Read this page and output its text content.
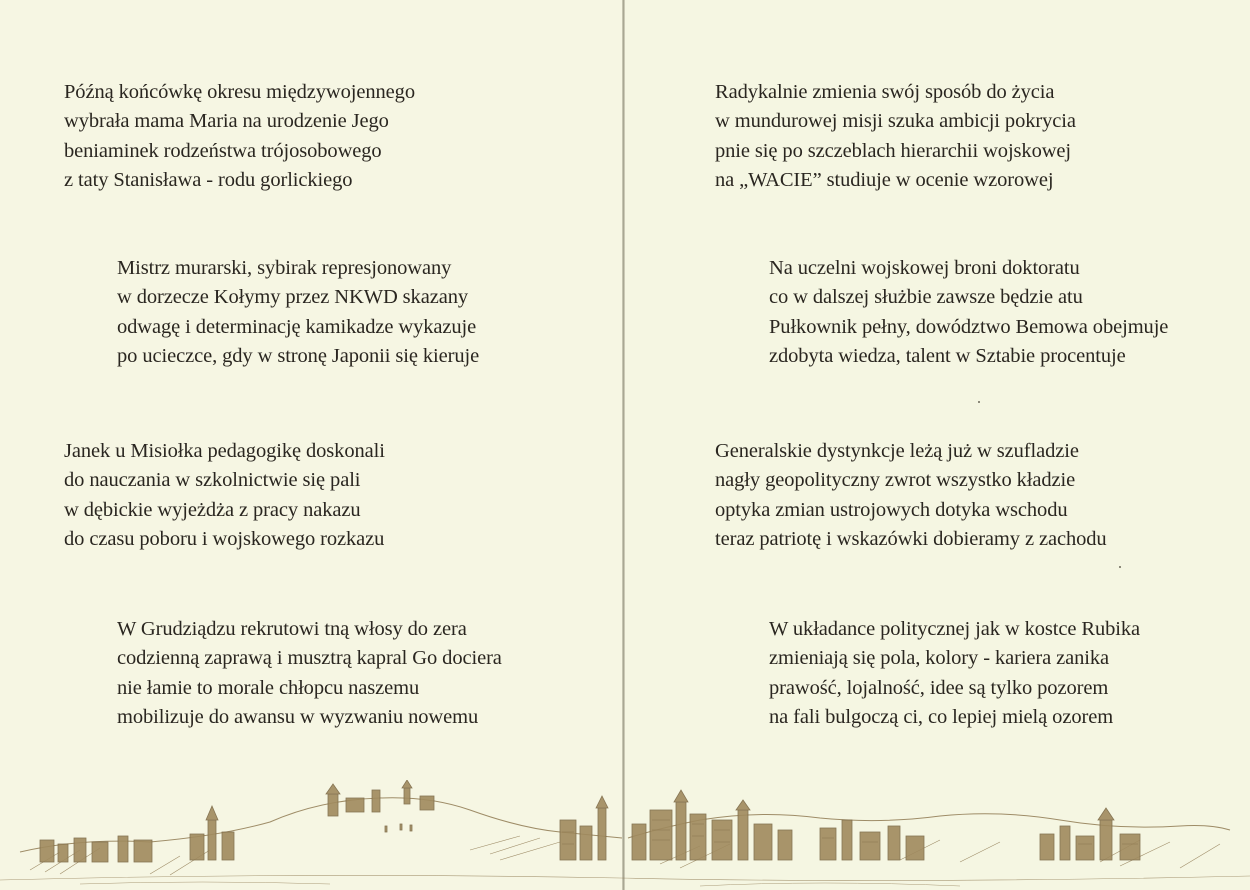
Późną końcówkę okresu międzywojennego
wybrała mama Maria na urodzenie Jego
beniaminek rodzeństwa trójosobowego
z taty Stanisława - rodu gorlickiego

Mistrz murarski, sybirak represjonowany
w dorzecze Kołymy przez NKWD skazany
odwagę i determinację kamikadze wykazuje
po ucieczce, gdy w stronę Japonii się kieruje

Janek u Misiołka pedagogikę doskonali
do nauczania w szkolnictwie się pali
w dębickie wyjeżdża z pracy nakazu
do czasu poboru i wojskowego rozkazu

W Grudziądzu rekrutowi tną włosy do zera
codzienną zaprawą i musztrą kapral Go dociera
nie łamie to morale chłopcu naszemu
mobilizuje do awansu w wyzwaniu nowemu

Radykalnie zmienia swój sposób do życia
w mundurowej misji szuka ambicji pokrycia
pnie się po szczeblach hierarchii wojskowej
na „WACIE” studiuje w ocenie wzorowej

Na uczelni wojskowej broni doktoratu
co w dalszej służbie zawsze będzie atu
Pułkownik pełny, dowództwo Bemowa obejmuje
zdobyta wiedza, talent w Sztabie procentuje

Generalskie dystynkcje leżą już w szufladzie
nagły geopolityczny zwrot wszystko kładzie
optyka zmian ustrojowych dotyka wschodu
teraz patriotę i wskazówki dobieramy z zachodu

W układance politycznej jak w kostce Rubika
zmieniają się pola, kolory - kariera zanika
prawość, lojalność, idee są tylko pozorem
na fali bulgoczą ci, co lepiej mielą ozorem
